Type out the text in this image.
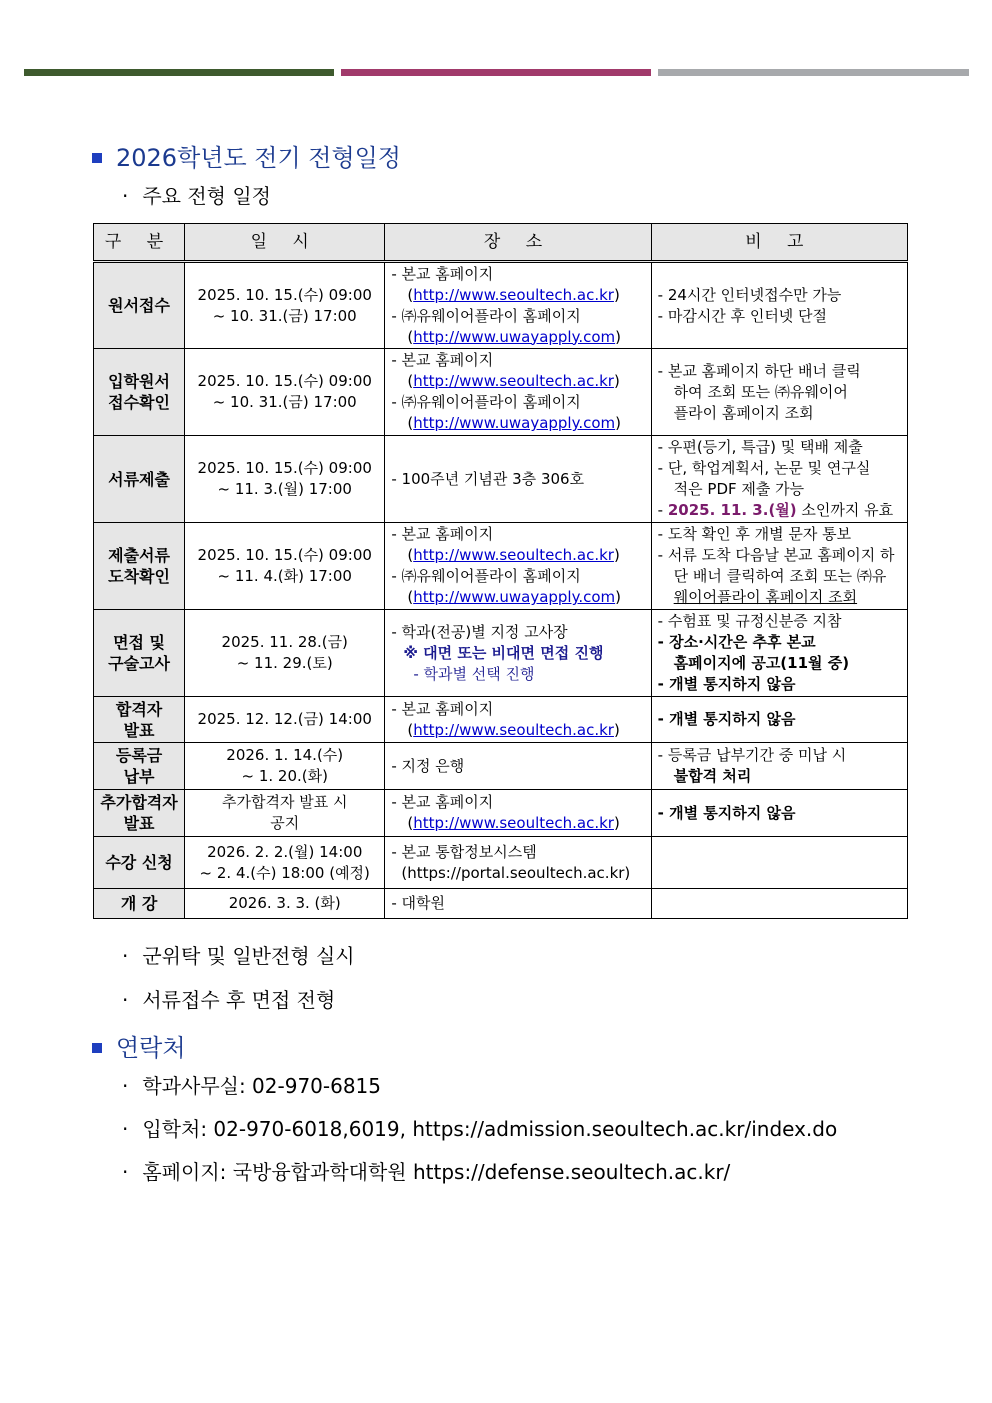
2026학년도 전기 전형일정
· 주요 전형 일정
구 분	일 시	장 소	비 고

원서접수	2025. 10. 15.(수) 09:00
~ 10. 31.(금) 17:00	- 본교 홈페이지
(http://www.seoultech.ac.kr)
- ㈜유웨이어플라이 홈페이지
(http://www.uwayapply.com)	- 24시간 인터넷접수만 가능
- 마감시간 후 인터넷 단절

입학원서
접수확인	2025. 10. 15.(수) 09:00
~ 10. 31.(금) 17:00	- 본교 홈페이지
(http://www.seoultech.ac.kr)
- ㈜유웨이어플라이 홈페이지
(http://www.uwayapply.com)	- 본교 홈페이지 하단 배너 클릭
하여 조회 또는 ㈜유웨이어
플라이 홈페이지 조회

서류제출	2025. 10. 15.(수) 09:00
~ 11. 3.(월) 17:00	- 100주년 기념관 3층 306호	- 우편(등기, 특급) 및 택배 제출
- 단, 학업계획서, 논문 및 연구실
적은 PDF 제출 가능
- 2025. 11. 3.(월) 소인까지 유효

제출서류
도착확인	2025. 10. 15.(수) 09:00
~ 11. 4.(화) 17:00	- 본교 홈페이지
(http://www.seoultech.ac.kr)
- ㈜유웨이어플라이 홈페이지
(http://www.uwayapply.com)	- 도착 확인 후 개별 문자 통보
- 서류 도착 다음날 본교 홈페이지 하
단 배너 클릭하여 조회 또는 ㈜유
웨이어플라이 홈페이지 조회

면접 및
구술고사	2025. 11. 28.(금)
~ 11. 29.(토)	- 학과(전공)별 지정 고사장
※ 대면 또는 비대면 면접 진행
- 학과별 선택 진행	- 수험표 및 규정신분증 지참
- 장소·시간은 추후 본교
홈페이지에 공고(11월 중)
- 개별 통지하지 않음

합격자
발표	2025. 12. 12.(금) 14:00	- 본교 홈페이지
(http://www.seoultech.ac.kr)	- 개별 통지하지 않음

등록금
납부	2026. 1. 14.(수)
~ 1. 20.(화)	- 지정 은행	- 등록금 납부기간 중 미납 시
불합격 처리

추가합격자
발표	추가합격자 발표 시
공지	- 본교 홈페이지
(http://www.seoultech.ac.kr)	- 개별 통지하지 않음

수강 신청	2026. 2. 2.(월) 14:00
~ 2. 4.(수) 18:00 (예정)	- 본교 통합정보시스템
(https://portal.seoultech.ac.kr)	

개 강	2026. 3. 3. (화)	- 대학원	

· 군위탁 및 일반전형 실시
· 서류접수 후 면접 전형
연락처
· 학과사무실: 02-970-6815
· 입학처: 02-970-6018,6019, https://admission.seoultech.ac.kr/index.do
· 홈페이지: 국방융합과학대학원 https://defense.seoultech.ac.kr/
